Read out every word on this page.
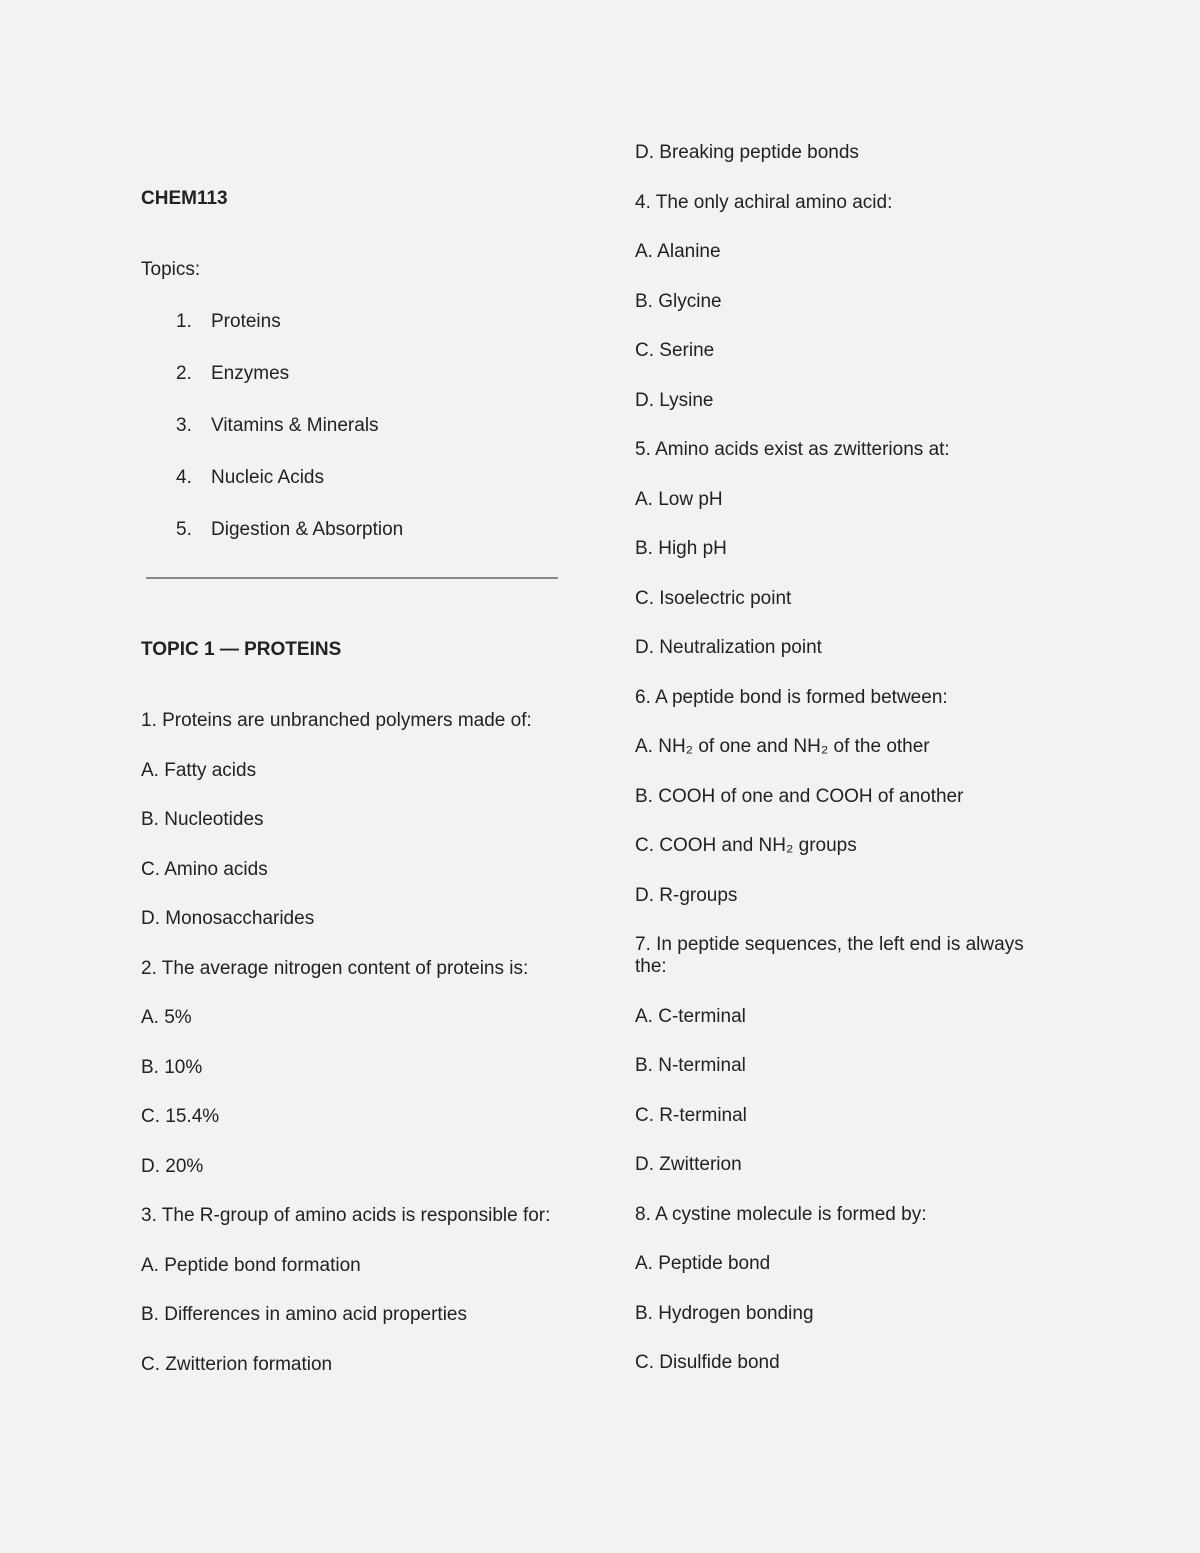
CHEM113

Topics:

1.	Proteins
2.	Enzymes
3.	Vitamins & Minerals
4.	Nucleic Acids
5.	Digestion & Absorption

TOPIC 1 — PROTEINS

1. Proteins are unbranched polymers made of:

A. Fatty acids

B. Nucleotides

C. Amino acids

D. Monosaccharides

2. The average nitrogen content of proteins is:

A. 5%

B. 10%

C. 15.4%

D. 20%

3. The R-group of amino acids is responsible for:

A. Peptide bond formation

B. Differences in amino acid properties

C. Zwitterion formation

D. Breaking peptide bonds

4. The only achiral amino acid:

A. Alanine

B. Glycine

C. Serine

D. Lysine

5. Amino acids exist as zwitterions at:

A. Low pH

B. High pH

C. Isoelectric point

D. Neutralization point

6. A peptide bond is formed between:

A. NH₂ of one and NH₂ of the other

B. COOH of one and COOH of another

C. COOH and NH₂ groups

D. R-groups

7. In peptide sequences, the left end is always the:

A. C-terminal

B. N-terminal

C. R-terminal

D. Zwitterion

8. A cystine molecule is formed by:

A. Peptide bond

B. Hydrogen bonding

C. Disulfide bond
